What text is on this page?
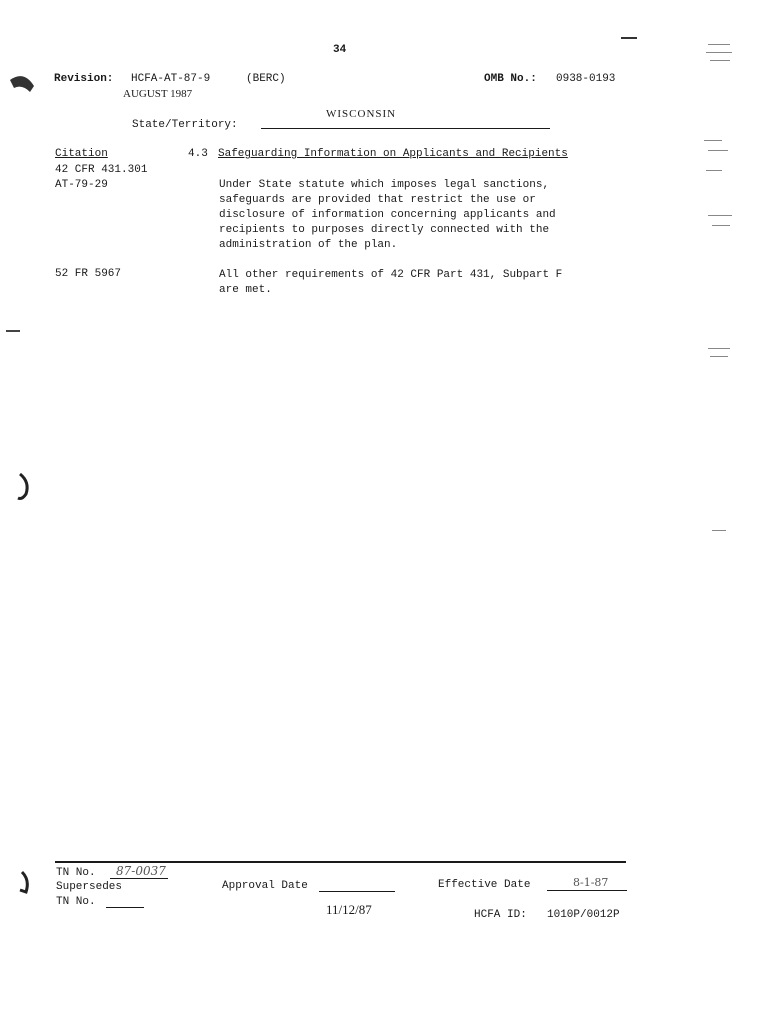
34
Revision: HCFA-AT-87-9	(BERC)
AUGUST 1987
OMB No.: 0938-0193
State/Territory:
WISCONSIN
Citation	4.3 Safeguarding Information on Applicants and Recipients
42 CFR 431.301
AT-79-29	Under State statute which imposes legal sanctions,
safeguards are provided that restrict the use or
disclosure of information concerning applicants and
recipients to purposes directly connected with the
administration of the plan.
52 FR 5967	All other requirements of 42 CFR Part 431, Subpart F
are met.
TN No. 87-0037
Supersedes
TN No.
Approval Date
11/12/87
Effective Date	8-1-87
HCFA ID: 1010P/0012P
